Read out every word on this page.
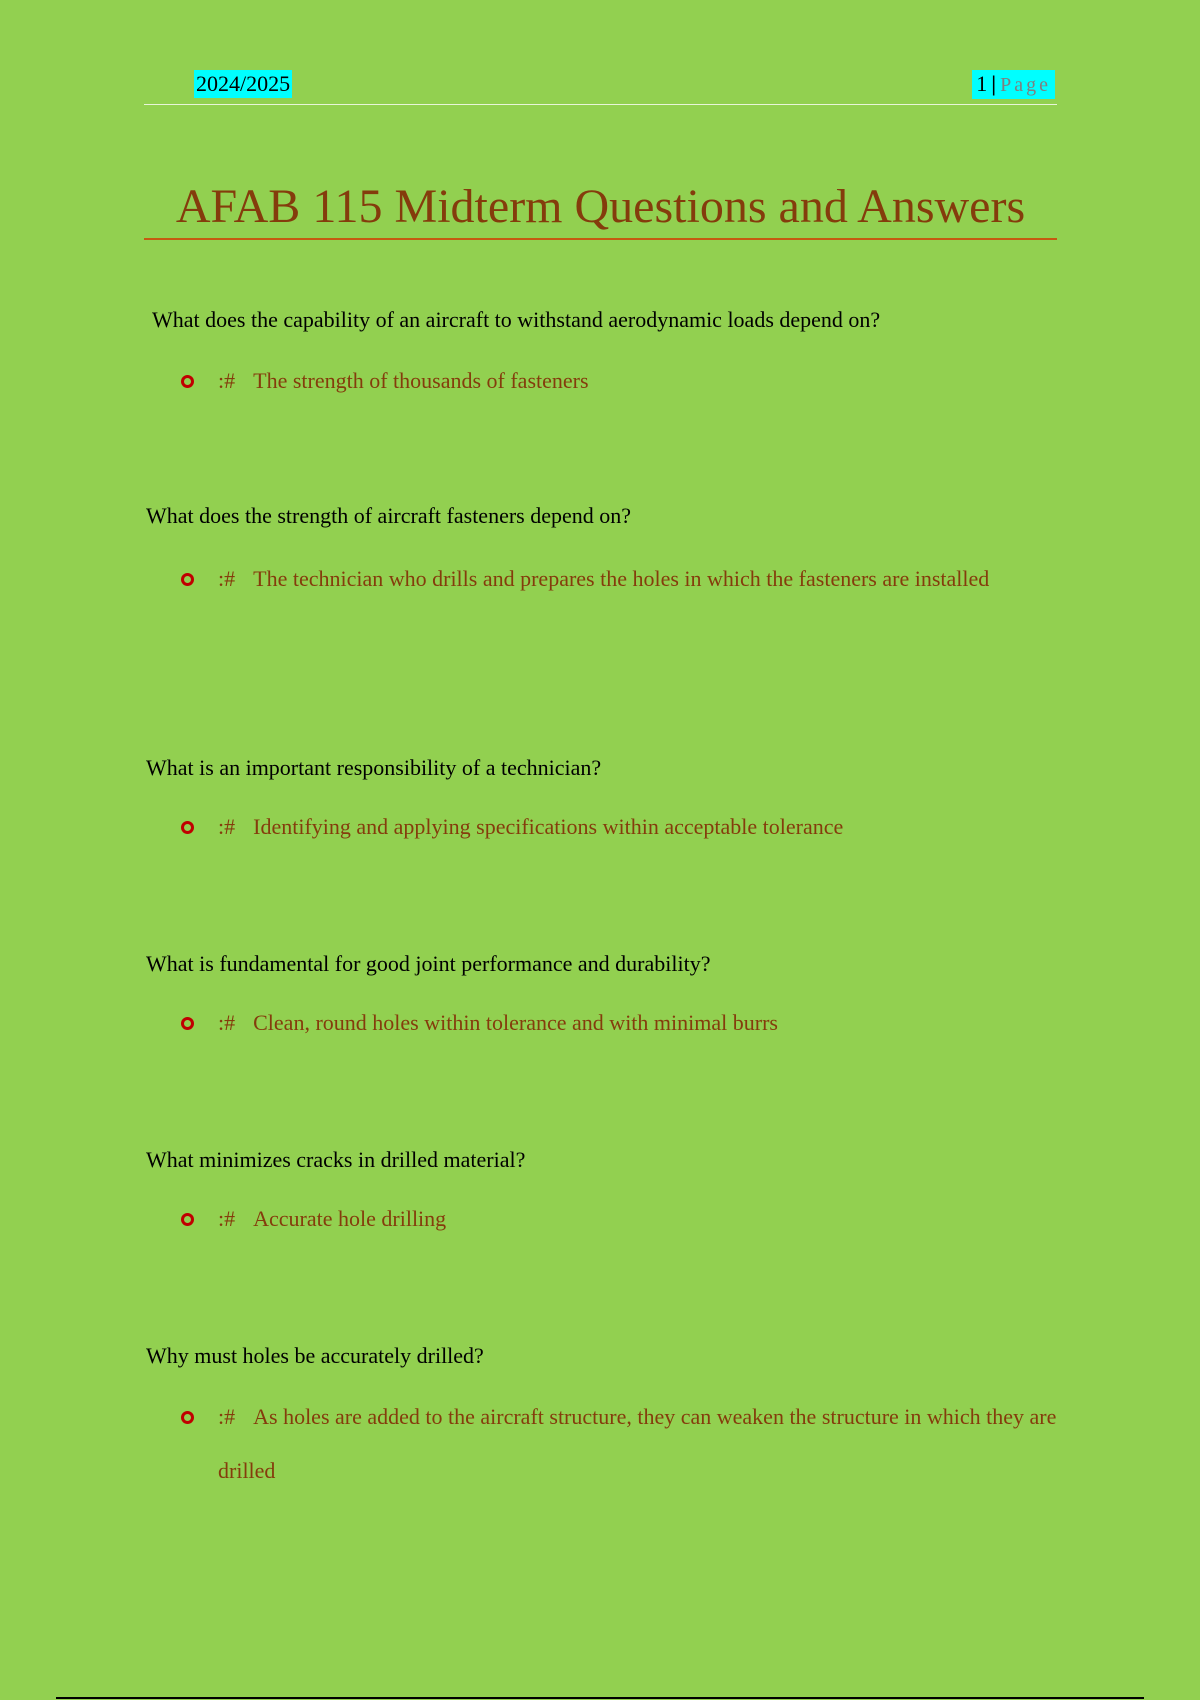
2024/2025	1 | Page
AFAB 115 Midterm Questions and Answers

What does the capability of an aircraft to withstand aerodynamic loads depend on?

:# The strength of thousands of fasteners

What does the strength of aircraft fasteners depend on?

:# The technician who drills and prepares the holes in which the fasteners are installed

What is an important responsibility of a technician?

:# Identifying and applying specifications within acceptable tolerance

What is fundamental for good joint performance and durability?

:# Clean, round holes within tolerance and with minimal burrs

What minimizes cracks in drilled material?

:# Accurate hole drilling

Why must holes be accurately drilled?

:# As holes are added to the aircraft structure, they can weaken the structure in which they are drilled
